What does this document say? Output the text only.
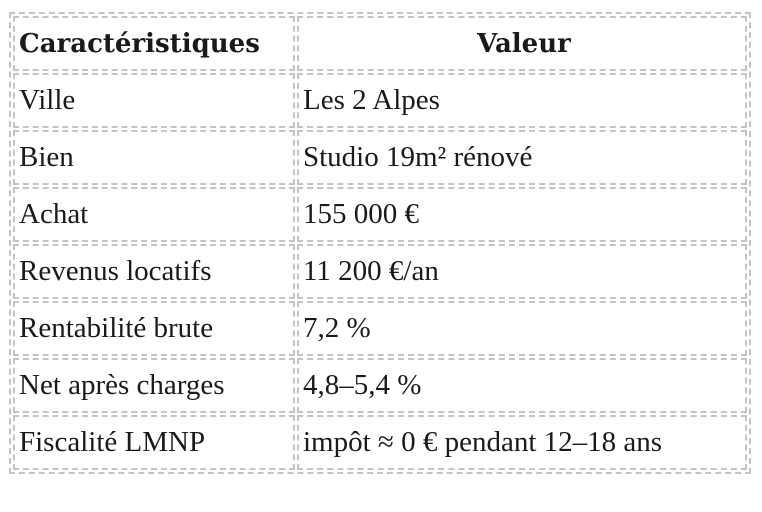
Caractéristiques	Valeur
Ville	Les 2 Alpes
Bien	Studio 19m² rénové
Achat	155 000 €
Revenus locatifs	11 200 €/an
Rentabilité brute	7,2 %
Net après charges	4,8–5,4 %
Fiscalité LMNP	impôt ≈ 0 € pendant 12–18 ans
